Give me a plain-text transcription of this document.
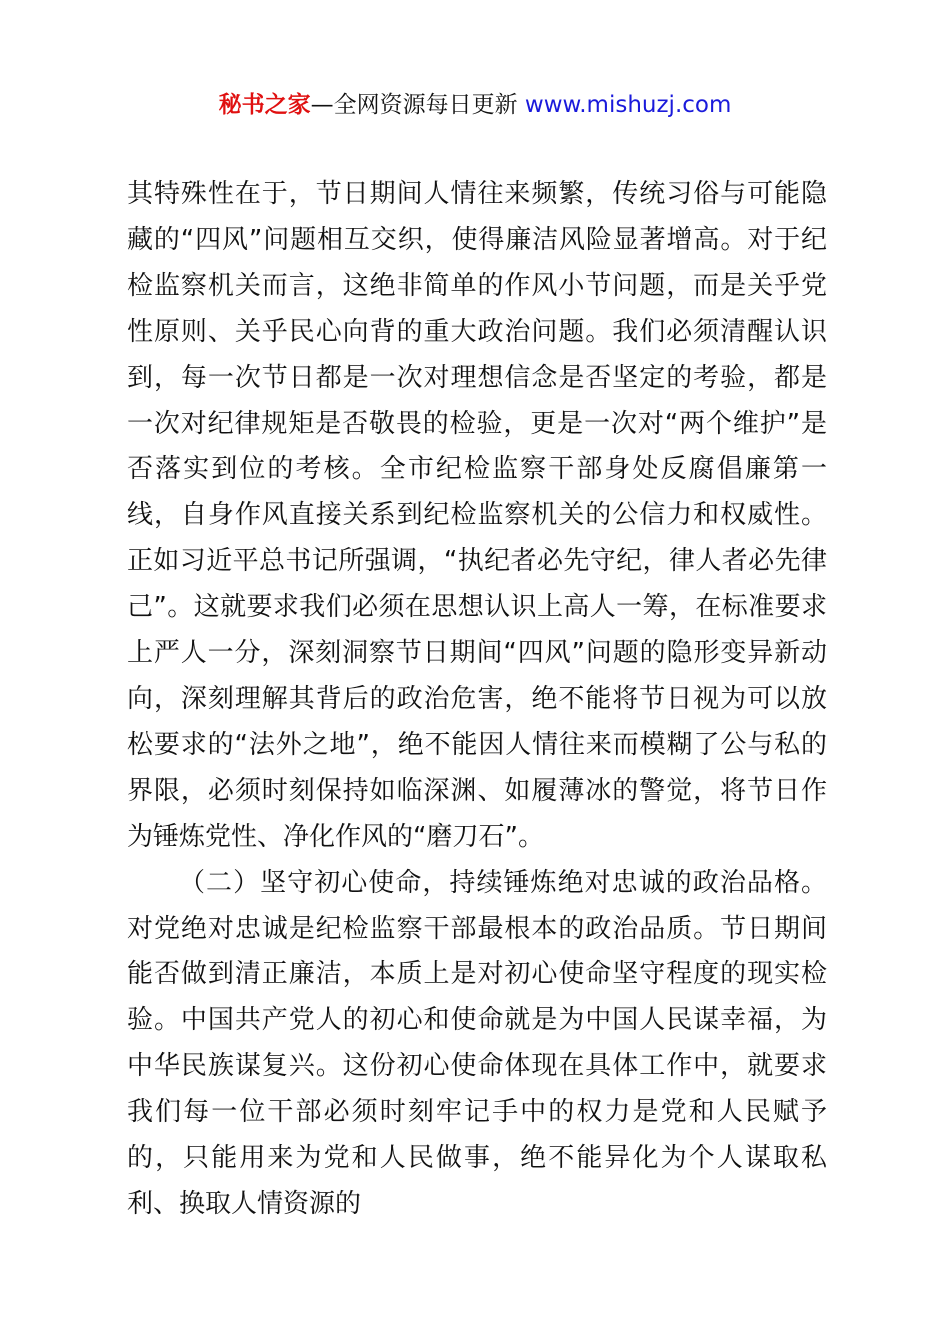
秘书之家—全网资源每日更新 www.mishuzj.com

其特殊性在于，节日期间人情往来频繁，传统习俗与可能隐藏的“四风”问题相互交织，使得廉洁风险显著增高。对于纪检监察机关而言，这绝非简单的作风小节问题，而是关乎党性原则、关乎民心向背的重大政治问题。我们必须清醒认识到，每一次节日都是一次对理想信念是否坚定的考验，都是一次对纪律规矩是否敬畏的检验，更是一次对“两个维护”是否落实到位的考核。全市纪检监察干部身处反腐倡廉第一线，自身作风直接关系到纪检监察机关的公信力和权威性。正如习近平总书记所强调，“执纪者必先守纪，律人者必先律己”。这就要求我们必须在思想认识上高人一筹，在标准要求上严人一分，深刻洞察节日期间“四风”问题的隐形变异新动向，深刻理解其背后的政治危害，绝不能将节日视为可以放松要求的“法外之地”，绝不能因人情往来而模糊了公与私的界限，必须时刻保持如临深渊、如履薄冰的警觉，将节日作为锤炼党性、净化作风的“磨刀石”。

（二）坚守初心使命，持续锤炼绝对忠诚的政治品格。对党绝对忠诚是纪检监察干部最根本的政治品质。节日期间能否做到清正廉洁，本质上是对初心使命坚守程度的现实检验。中国共产党人的初心和使命就是为中国人民谋幸福，为中华民族谋复兴。这份初心使命体现在具体工作中，就要求我们每一位干部必须时刻牢记手中的权力是党和人民赋予的，只能用来为党和人民做事，绝不能异化为个人谋取私利、换取人情资源的
